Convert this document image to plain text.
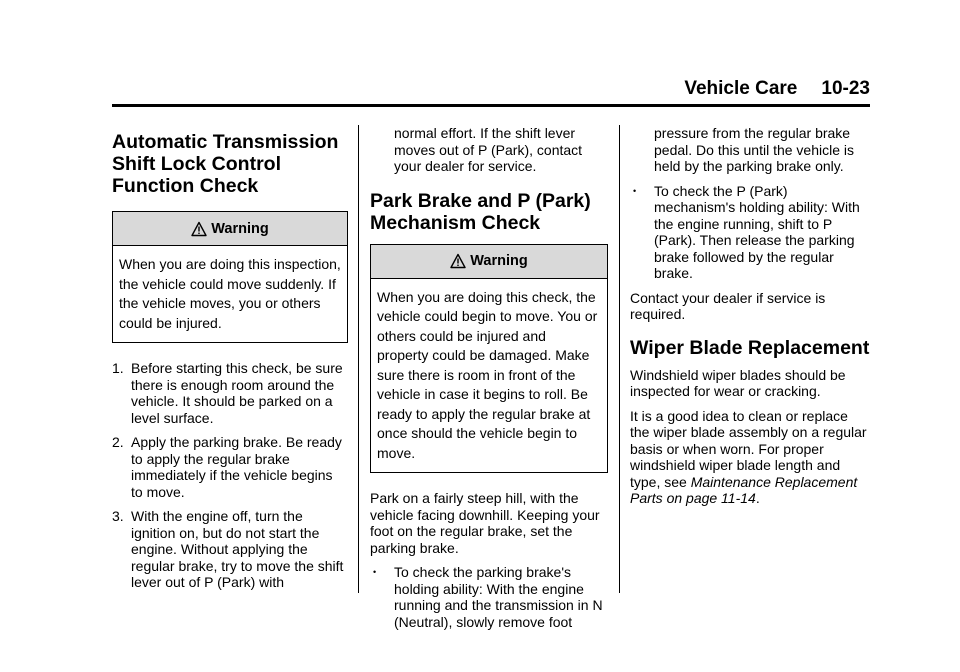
Vehicle Care 10-23
Automatic Transmission Shift Lock Control Function Check
Warning
When you are doing this inspection, the vehicle could move suddenly. If the vehicle moves, you or others could be injured.
1. Before starting this check, be sure there is enough room around the vehicle. It should be parked on a level surface.
2. Apply the parking brake. Be ready to apply the regular brake immediately if the vehicle begins to move.
3. With the engine off, turn the ignition on, but do not start the engine. Without applying the regular brake, try to move the shift lever out of P (Park) with

normal effort. If the shift lever moves out of P (Park), contact your dealer for service.

Park Brake and P (Park) Mechanism Check
Warning
When you are doing this check, the vehicle could begin to move. You or others could be injured and property could be damaged. Make sure there is room in front of the vehicle in case it begins to roll. Be ready to apply the regular brake at once should the vehicle begin to move.

Park on a fairly steep hill, with the vehicle facing downhill. Keeping your foot on the regular brake, set the parking brake.

•	To check the parking brake's holding ability: With the engine running and the transmission in N (Neutral), slowly remove foot

pressure from the regular brake pedal. Do this until the vehicle is held by the parking brake only.

•	To check the P (Park) mechanism's holding ability: With the engine running, shift to P (Park). Then release the parking brake followed by the regular brake.

Contact your dealer if service is required.

Wiper Blade Replacement

Windshield wiper blades should be inspected for wear or cracking.

It is a good idea to clean or replace the wiper blade assembly on a regular basis or when worn. For proper windshield wiper blade length and type, see Maintenance Replacement Parts on page 11-14.
